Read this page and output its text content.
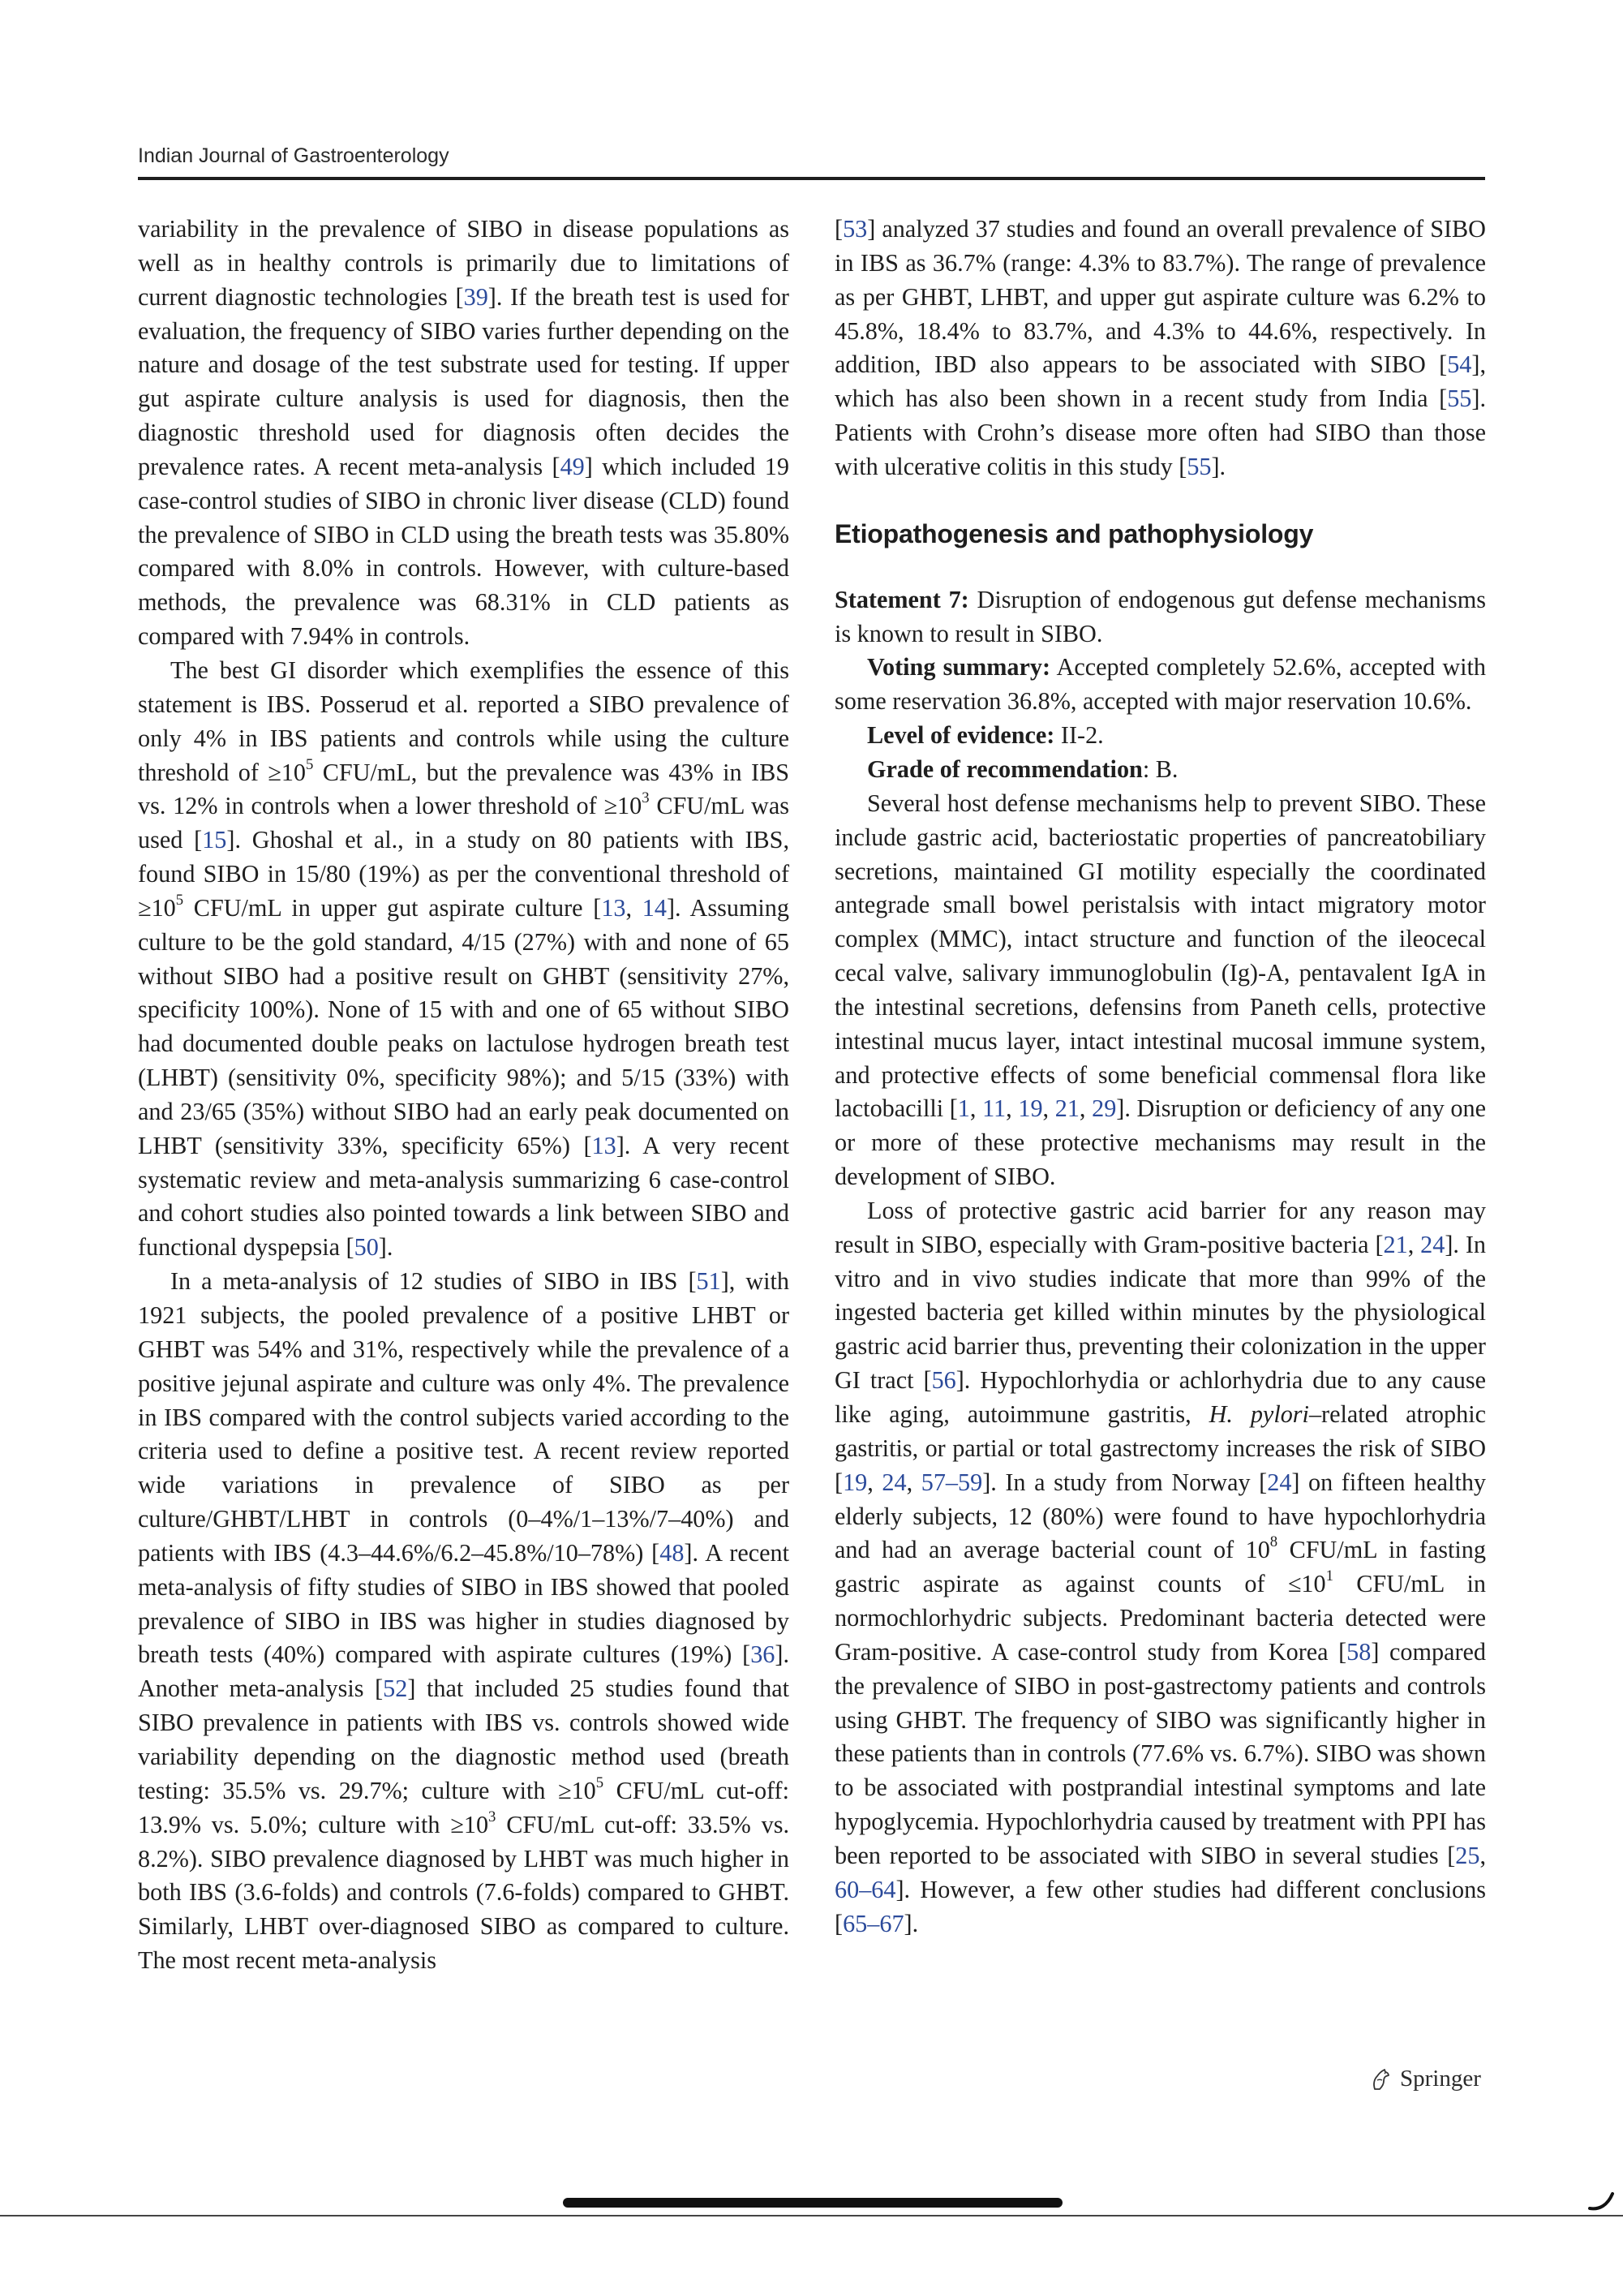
Indian Journal of Gastroenterology

variability in the prevalence of SIBO in disease populations as well as in healthy controls is primarily due to limitations of current diagnostic technologies [39]. If the breath test is used for evaluation, the frequency of SIBO varies further depending on the nature and dosage of the test substrate used for testing. If upper gut aspirate culture analysis is used for diagnosis, then the diagnostic threshold used for diagnosis often decides the prevalence rates. A recent meta-analysis [49] which included 19 case-control studies of SIBO in chronic liver disease (CLD) found the prevalence of SIBO in CLD using the breath tests was 35.80% compared with 8.0% in controls. However, with culture-based methods, the prevalence was 68.31% in CLD patients as compared with 7.94% in controls.

The best GI disorder which exemplifies the essence of this statement is IBS. Posserud et al. reported a SIBO prevalence of only 4% in IBS patients and controls while using the culture threshold of $\ge 10^5$ CFU/mL, but the prevalence was 43% in IBS vs. 12% in controls when a lower threshold of $\ge 10^3$ CFU/mL was used [15]. Ghoshal et al., in a study on 80 patients with IBS, found SIBO in 15/80 (19%) as per the conventional threshold of $\ge 10^5$ CFU/mL in upper gut aspirate culture [13, 14]. Assuming culture to be the gold standard, 4/15 (27%) with and none of 65 without SIBO had a positive result on GHBT (sensitivity 27%, specificity 100%). None of 15 with and one of 65 without SIBO had documented double peaks on lactulose hydrogen breath test (LHBT) (sensitivity 0%, specificity 98%); and 5/15 (33%) with and 23/65 (35%) without SIBO had an early peak documented on LHBT (sensitivity 33%, specificity 65%) [13]. A very recent systematic review and meta-analysis summarizing 6 case-control and cohort studies also pointed towards a link between SIBO and functional dyspepsia [50].

In a meta-analysis of 12 studies of SIBO in IBS [51], with 1921 subjects, the pooled prevalence of a positive LHBT or GHBT was 54% and 31%, respectively while the prevalence of a positive jejunal aspirate and culture was only 4%. The prevalence in IBS compared with the control subjects varied according to the criteria used to define a positive test. A recent review reported wide variations in prevalence of SIBO as per culture/GHBT/LHBT in controls (0–4%/1–13%/7–40%) and patients with IBS (4.3–44.6%/6.2–45.8%/10–78%) [48]. A recent meta-analysis of fifty studies of SIBO in IBS showed that pooled prevalence of SIBO in IBS was higher in studies diagnosed by breath tests (40%) compared with aspirate cultures (19%) [36]. Another meta-analysis [52] that included 25 studies found that SIBO prevalence in patients with IBS vs. controls showed wide variability depending on the diagnostic method used (breath testing: 35.5% vs. 29.7%; culture with $\ge 10^5$ CFU/mL cut-off: 13.9% vs. 5.0%; culture with $\ge 10^3$ CFU/mL cut-off: 33.5% vs. 8.2%). SIBO prevalence diagnosed by LHBT was much higher in both IBS (3.6-folds) and controls (7.6-folds) compared to GHBT. Similarly, LHBT over-diagnosed SIBO as compared to culture. The most recent meta-analysis

[53] analyzed 37 studies and found an overall prevalence of SIBO in IBS as 36.7% (range: 4.3% to 83.7%). The range of prevalence as per GHBT, LHBT, and upper gut aspirate culture was 6.2% to 45.8%, 18.4% to 83.7%, and 4.3% to 44.6%, respectively. In addition, IBD also appears to be associated with SIBO [54], which has also been shown in a recent study from India [55]. Patients with Crohn’s disease more often had SIBO than those with ulcerative colitis in this study [55].

Etiopathogenesis and pathophysiology

Statement 7: Disruption of endogenous gut defense mechanisms is known to result in SIBO.

Voting summary: Accepted completely 52.6%, accepted with some reservation 36.8%, accepted with major reservation 10.6%.

Level of evidence: II-2.

Grade of recommendation: B.

Several host defense mechanisms help to prevent SIBO. These include gastric acid, bacteriostatic properties of pancreatobiliary secretions, maintained GI motility especially the coordinated antegrade small bowel peristalsis with intact migratory motor complex (MMC), intact structure and function of the ileocecal cecal valve, salivary immunoglobulin (Ig)-A, pentavalent IgA in the intestinal secretions, defensins from Paneth cells, protective intestinal mucus layer, intact intestinal mucosal immune system, and protective effects of some beneficial commensal flora like lactobacilli [1, 11, 19, 21, 29]. Disruption or deficiency of any one or more of these protective mechanisms may result in the development of SIBO.

Loss of protective gastric acid barrier for any reason may result in SIBO, especially with Gram-positive bacteria [21, 24]. In vitro and in vivo studies indicate that more than 99% of the ingested bacteria get killed within minutes by the physiological gastric acid barrier thus, preventing their colonization in the upper GI tract [56]. Hypochlorhydia or achlorhydria due to any cause like aging, autoimmune gastritis, H. pylori–related atrophic gastritis, or partial or total gastrectomy increases the risk of SIBO [19, 24, 57–59]. In a study from Norway [24] on fifteen healthy elderly subjects, 12 (80%) were found to have hypochlorhydria and had an average bacterial count of $10^8$ CFU/mL in fasting gastric aspirate as against counts of $\le 10^1$ CFU/mL in normochlorhydric subjects. Predominant bacteria detected were Gram-positive. A case-control study from Korea [58] compared the prevalence of SIBO in post-gastrectomy patients and controls using GHBT. The frequency of SIBO was significantly higher in these patients than in controls (77.6% vs. 6.7%). SIBO was shown to be associated with postprandial intestinal symptoms and late hypoglycemia. Hypochlorhydria caused by treatment with PPI has been reported to be associated with SIBO in several studies [25, 60–64]. However, a few other studies had different conclusions [65–67].

Springer
